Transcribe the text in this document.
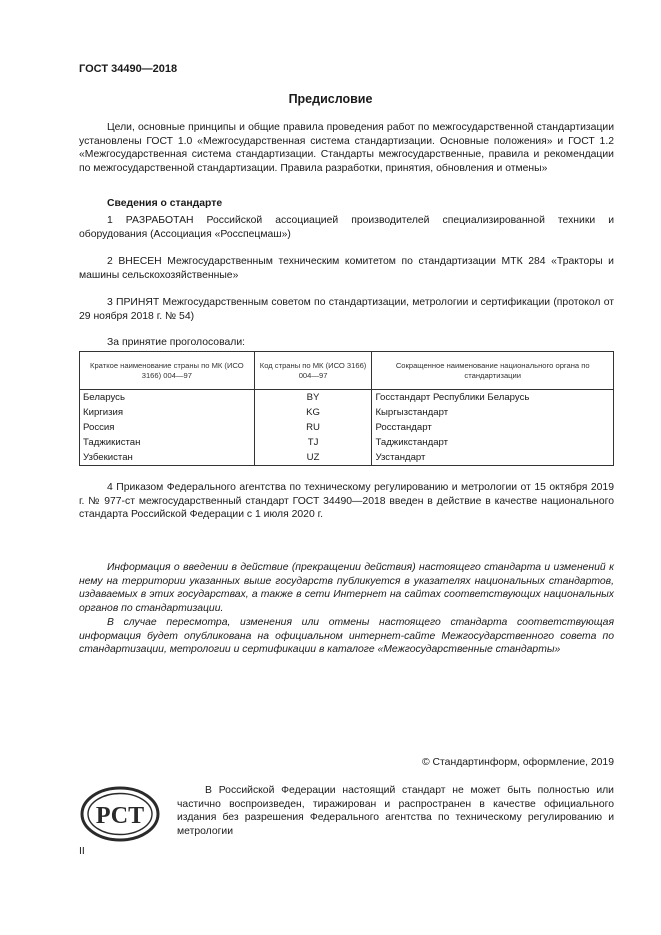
ГОСТ 34490—2018
Предисловие
Цели, основные принципы и общие правила проведения работ по межгосударственной стандартизации установлены ГОСТ 1.0 «Межгосударственная система стандартизации. Основные положения» и ГОСТ 1.2 «Межгосударственная система стандартизации. Стандарты межгосударственные, правила и рекомендации по межгосударственной стандартизации. Правила разработки, принятия, обновления и отмены»
Сведения о стандарте
1 РАЗРАБОТАН Российской ассоциацией производителей специализированной техники и оборудования (Ассоциация «Росспецмаш»)
2 ВНЕСЕН Межгосударственным техническим комитетом по стандартизации МТК 284 «Тракторы и машины сельскохозяйственные»
3 ПРИНЯТ Межгосударственным советом по стандартизации, метрологии и сертификации (протокол от 29 ноября 2018 г. № 54)
За принятие проголосовали:
Краткое наименование страны по МК (ИСО 3166) 004—97	Код страны по МК (ИСО 3166) 004—97	Сокращенное наименование национального органа по стандартизации
Беларусь	BY	Госстандарт Республики Беларусь
Киргизия	KG	Кыргызстандарт
Россия	RU	Росстандарт
Таджикистан	TJ	Таджикстандарт
Узбекистан	UZ	Узстандарт
4 Приказом Федерального агентства по техническому регулированию и метрологии от 15 октября 2019 г. № 977-ст межгосударственный стандарт ГОСТ 34490—2018 введен в действие в качестве национального стандарта Российской Федерации с 1 июля 2020 г.
Информация о введении в действие (прекращении действия) настоящего стандарта и изменений к нему на территории указанных выше государств публикуется в указателях национальных стандартов, издаваемых в этих государствах, а также в сети Интернет на сайтах соответствующих национальных органов по стандартизации.
В случае пересмотра, изменения или отмены настоящего стандарта соответствующая информация будет опубликована на официальном интернет-сайте Межгосударственного совета по стандартизации, метрологии и сертификации в каталоге «Межгосударственные стандарты»
© Стандартинформ, оформление, 2019
РСТ
В Российской Федерации настоящий стандарт не может быть полностью или частично воспроизведен, тиражирован и распространен в качестве официального издания без разрешения Федерального агентства по техническому регулированию и метрологии
II
